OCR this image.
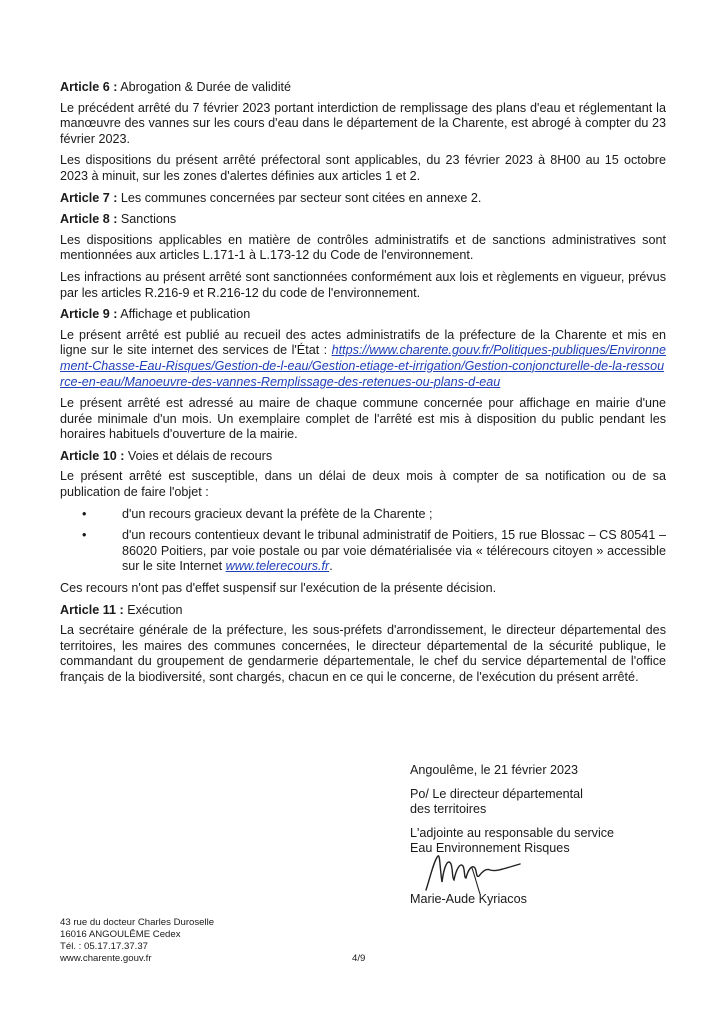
Article 6 : Abrogation & Durée de validité

Le précédent arrêté du 7 février 2023 portant interdiction de remplissage des plans d'eau et réglementant la manœuvre des vannes sur les cours d'eau dans le département de la Charente, est abrogé à compter du 23 février 2023.

Les dispositions du présent arrêté préfectoral sont applicables, du 23 février 2023 à 8H00 au 15 octobre 2023 à minuit, sur les zones d'alertes définies aux articles 1 et 2.

Article 7 : Les communes concernées par secteur sont citées en annexe 2.
Article 8 : Sanctions

Les dispositions applicables en matière de contrôles administratifs et de sanctions administratives sont mentionnées aux articles L.171-1 à L.173-12 du Code de l'environnement.

Les infractions au présent arrêté sont sanctionnées conformément aux lois et règlements en vigueur, prévus par les articles R.216-9 et R.216-12 du code de l'environnement.

Article 9 : Affichage et publication

Le présent arrêté est publié au recueil des actes administratifs de la préfecture de la Charente et mis en ligne sur le site internet des services de l'État : https://www.charente.gouv.fr/Politiques-publiques/Environnement-Chasse-Eau-Risques/Gestion-de-l-eau/Gestion-etiage-et-irrigation/Gestion-conjoncturelle-de-la-ressource-en-eau/Manoeuvre-des-vannes-Remplissage-des-retenues-ou-plans-d-eau

Le présent arrêté est adressé au maire de chaque commune concernée pour affichage en mairie d'une durée minimale d'un mois. Un exemplaire complet de l'arrêté est mis à disposition du public pendant les horaires habituels d'ouverture de la mairie.

Article 10 : Voies et délais de recours

Le présent arrêté est susceptible, dans un délai de deux mois à compter de sa notification ou de sa publication de faire l'objet :

•	d'un recours gracieux devant la préfète de la Charente ;
•	d'un recours contentieux devant le tribunal administratif de Poitiers, 15 rue Blossac – CS 80541 – 86020 Poitiers, par voie postale ou par voie dématérialisée via « télérecours citoyen » accessible sur le site Internet www.telerecours.fr.

Ces recours n'ont pas d'effet suspensif sur l'exécution de la présente décision.

Article 11 : Exécution

La secrétaire générale de la préfecture, les sous-préfets d'arrondissement, le directeur départemental des territoires, les maires des communes concernées, le directeur départemental de la sécurité publique, le commandant du groupement de gendarmerie départementale, le chef du service départemental de l'office français de la biodiversité, sont chargés, chacun en ce qui le concerne, de l'exécution du présent arrêté.

Angoulême, le 21 février 2023
Po/ Le directeur départemental
des territoires
L'adjointe au responsable du service
Eau Environnement Risques
Marie-Aude Kyriacos
43 rue du docteur Charles Duroselle
16016 ANGOULÊME Cedex
Tél. : 05.17.17.37.37
www.charente.gouv.fr	4/9
